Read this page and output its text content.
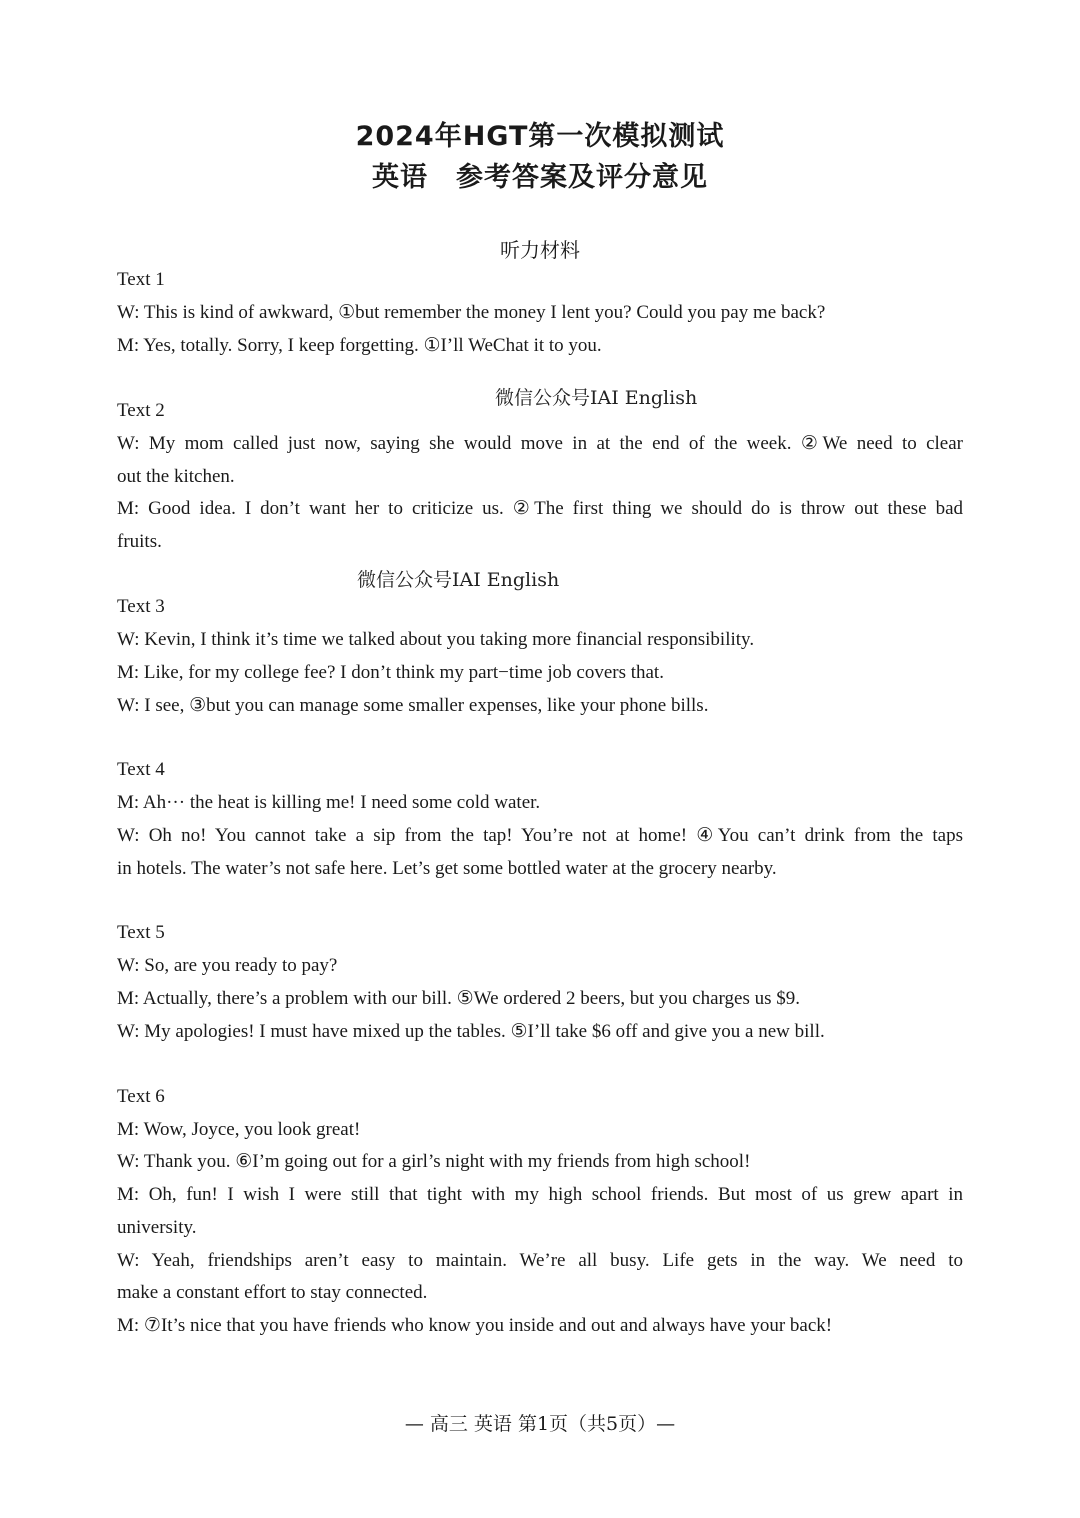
2024年HGT第一次模拟测试
英语　参考答案及评分意见
听力材料
Text 1
W: This is kind of awkward, ①but remember the money I lent you? Could you pay me back?
M: Yes, totally. Sorry, I keep forgetting. ①I’ll WeChat it to you.
微信公众号IAI English
Text 2
W: My mom called just now, saying she would move in at the end of the week. ②We need to clear
out the kitchen.
M: Good idea. I don’t want her to criticize us. ②The first thing we should do is throw out these bad
fruits.
微信公众号IAI English
Text 3
W: Kevin, I think it’s time we talked about you taking more financial responsibility.
M: Like, for my college fee? I don’t think my part−time job covers that.
W: I see, ③but you can manage some smaller expenses, like your phone bills.
Text 4
M: Ah··· the heat is killing me! I need some cold water.
W: Oh no! You cannot take a sip from the tap! You’re not at home! ④You can’t drink from the taps
in hotels. The water’s not safe here. Let’s get some bottled water at the grocery nearby.
Text 5
W: So, are you ready to pay?
M: Actually, there’s a problem with our bill. ⑤We ordered 2 beers, but you charges us $9.
W: My apologies! I must have mixed up the tables. ⑤I’ll take $6 off and give you a new bill.
Text 6
M: Wow, Joyce, you look great!
W: Thank you. ⑥I’m going out for a girl’s night with my friends from high school!
M: Oh, fun! I wish I were still that tight with my high school friends. But most of us grew apart in
university.
W: Yeah, friendships aren’t easy to maintain. We’re all busy. Life gets in the way. We need to
make a constant effort to stay connected.
M: ⑦It’s nice that you have friends who know you inside and out and always have your back!
— 高三 英语 第1页（共5页）—
